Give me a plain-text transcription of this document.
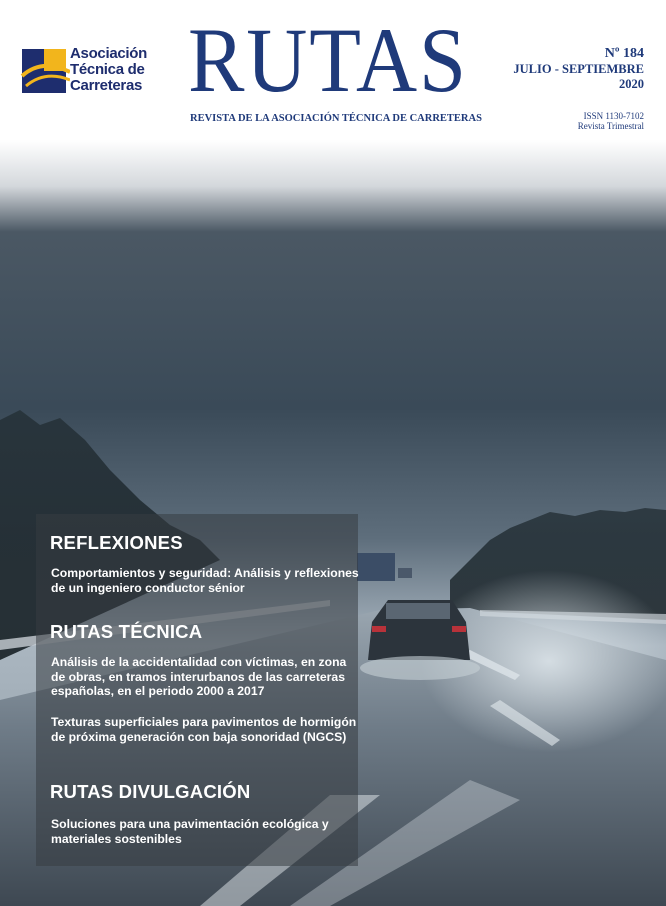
Asociación
Técnica de
Carreteras RUTAS
REVISTA DE LA ASOCIACIÓN TÉCNICA DE CARRETERAS
Nº 184
JULIO - SEPTIEMBRE
2020
ISSN 1130-7102
Revista Trimestral
REFLEXIONES
Comportamientos y seguridad: Análisis y reflexiones de un ingeniero conductor sénior
RUTAS TÉCNICA
Análisis de la accidentalidad con víctimas, en zona de obras, en tramos interurbanos de las carreteras españolas, en el periodo 2000 a 2017
Texturas superficiales para pavimentos de hormigón de próxima generación con baja sonoridad (NGCS)
RUTAS DIVULGACIÓN
Soluciones para una pavimentación ecológica y materiales sostenibles
